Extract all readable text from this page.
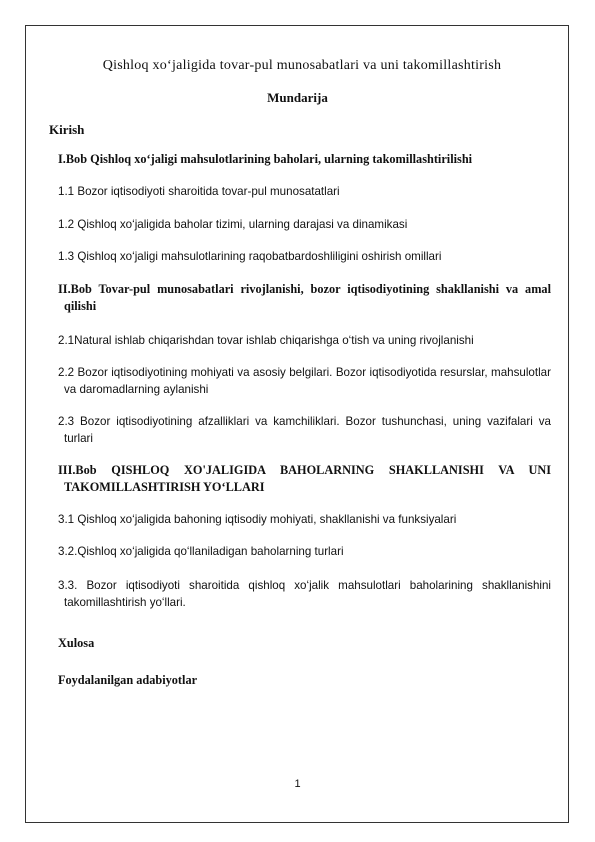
Qishloq xo‘jaligida tovar-pul munosabatlari va uni takomillashtirish
Mundarija
Kirish
I.Bob Qishloq xo‘jaligi mahsulotlarining baholari, ularning takomillashtirilishi
1.1 Bozor iqtisodiyoti sharoitida tovar-pul munosatatlari
1.2 Qishloq xo‘jaligida baholar tizimi, ularning darajasi va dinamikasi
1.3 Qishloq xo‘jaligi mahsulotlarining raqobatbardoshliligini oshirish omillari
II.Bob Tovar-pul munosabatlari rivojlanishi, bozor iqtisodiyotining shakllanishi va amal qilishi
2.1Natural ishlab chiqarishdan tovar ishlab chiqarishga o‘tish va uning rivojlanishi
2.2 Bozor iqtisodiyotining mohiyati va asosiy belgilari. Bozor iqtisodiyotida resurslar, mahsulotlar va daromadlarning aylanishi
2.3 Bozor iqtisodiyotining afzalliklari va kamchiliklari. Bozor tushunchasi, uning vazifalari va turlari
III.Bob QISHLOQ XO'JALIGIDA BAHOLARNING SHAKLLANISHI VA UNI TAKOMILLASHTIRISH YO‘LLARI
3.1 Qishloq xo‘jaligida bahoning iqtisodiy mohiyati, shakllanishi va funksiyalari
3.2.Qishloq xo‘jaligida qo‘llaniladigan baholarning turlari
3.3. Bozor iqtisodiyoti sharoitida qishloq xo‘jalik mahsulotlari baholarining shakllanishini takomillashtirish yo‘llari.
Xulosa
Foydalanilgan adabiyotlar
1
